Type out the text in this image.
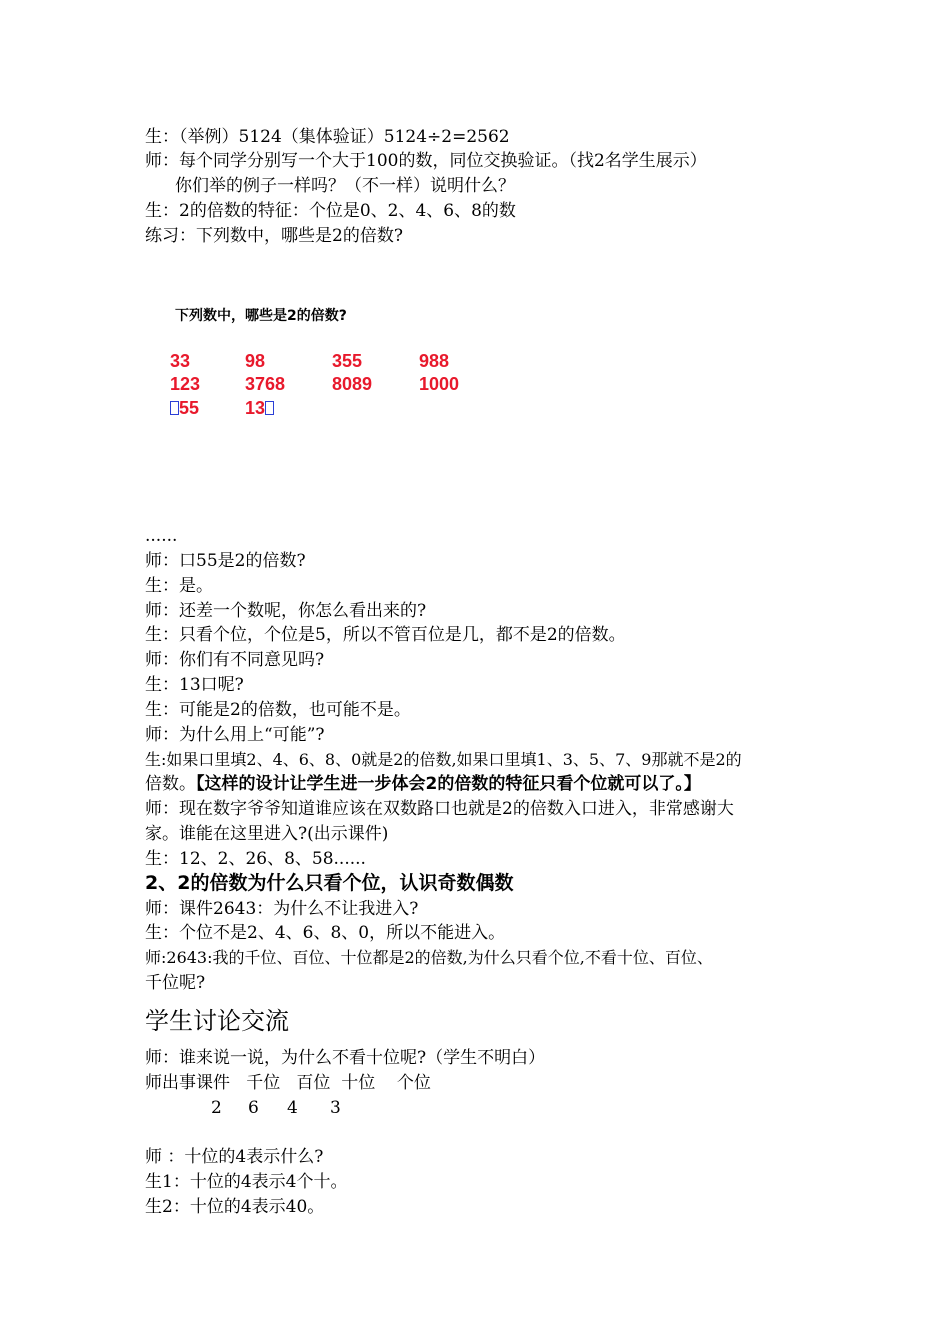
生：（举例）5124（集体验证）5124÷2=2562
师：每个同学分别写一个大于100的数，同位交换验证。（找2名学生展示）
你们举的例子一样吗？（不一样）说明什么？
生：2的倍数的特征：个位是0、2、4、6、8的数
练习：下列数中，哪些是2的倍数?
下列数中，哪些是2的倍数?
33	98	355	988
123 3768	8089	1000
55	13
......
师：口55是2的倍数?
生：是。
师：还差一个数呢，你怎么看出来的?
生：只看个位，个位是5，所以不管百位是几，都不是2的倍数。
师：你们有不同意见吗?
生：13口呢?
生：可能是2的倍数，也可能不是。
师：为什么用上“可能”?
生:如果口里填2、4、6、8、0就是2的倍数,如果口里填1、3、5、7、9那就不是2的
倍数。【这样的设计让学生进一步体会2的倍数的特征只看个位就可以了。】
师：现在数字爷爷知道谁应该在双数路口也就是2的倍数入口进入，非常感谢大
家。谁能在这里进入?(出示课件)
生：12、2、26、8、58......
2、2的倍数为什么只看个位，认识奇数偶数
师：课件2643：为什么不让我进入?
生：个位不是2、4、6、8、0，所以不能进入。
师:2643:我的千位、百位、十位都是2的倍数,为什么只看个位,不看十位、百位、
千位呢?
学生讨论交流
师：谁来说一说，为什么不看十位呢?（学生不明白）
师出事课件   千位   百位  十位    个位
2 6 4 3
师 ：十位的4表示什么?
生1：十位的4表示4个十。
生2：十位的4表示40。
